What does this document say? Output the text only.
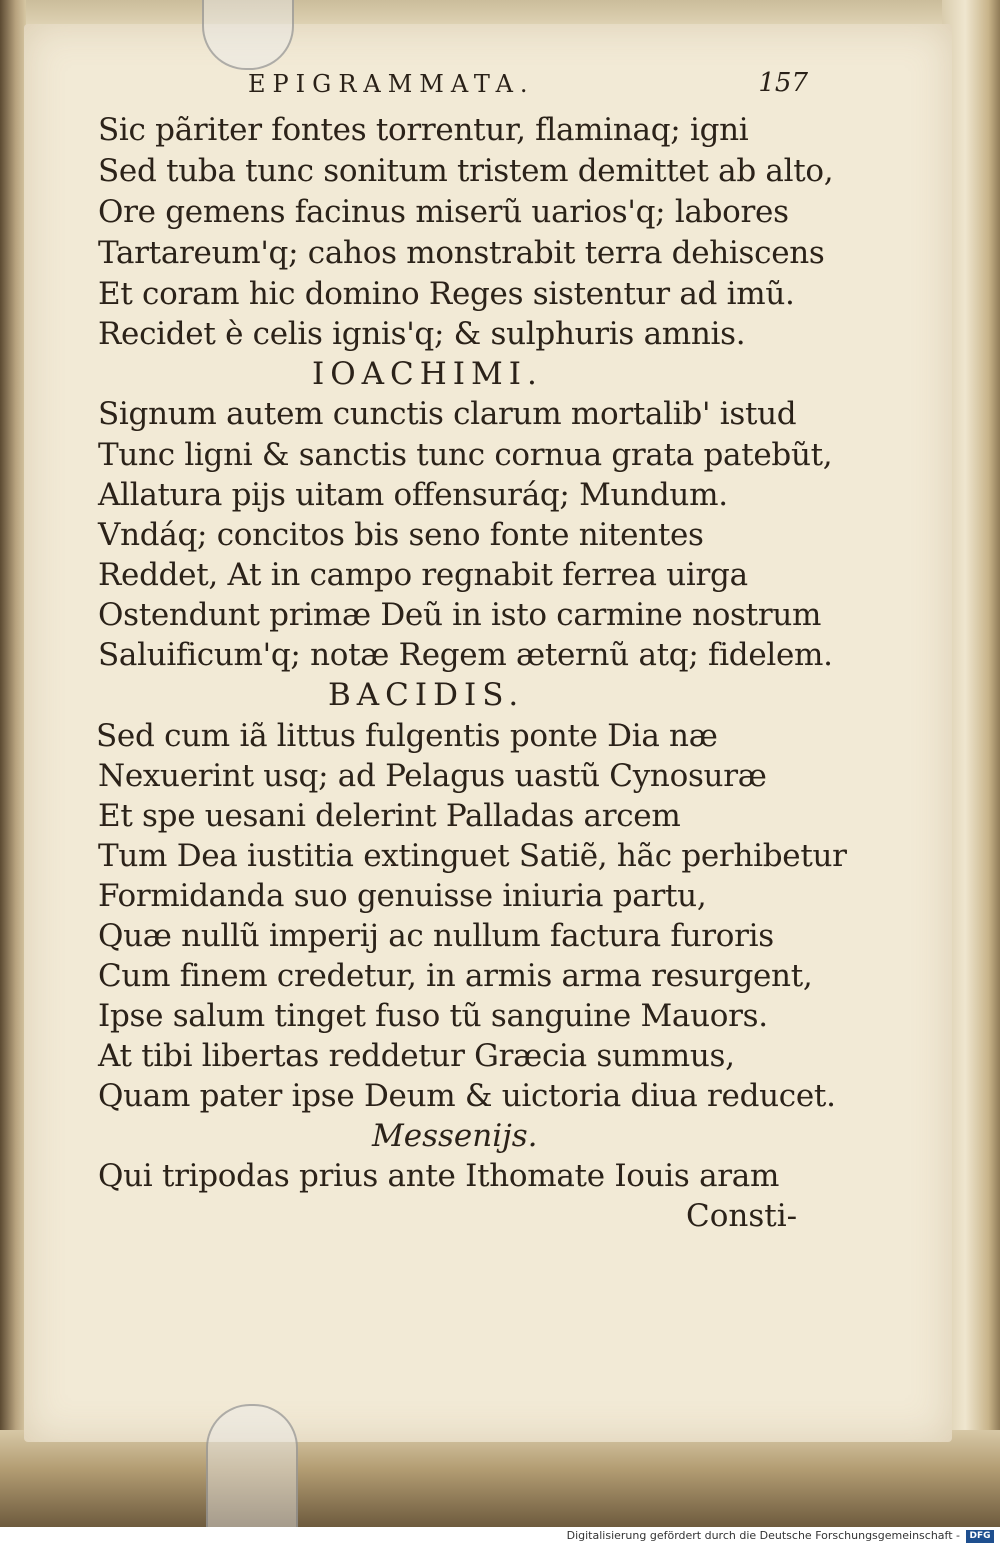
EPIGRAMMATA.	157
Sic pãriter fontes torrentur, flaminaq; igni
Sed tuba tunc sonitum tristem demittet ab alto,
Ore gemens facinus miserũ uarios'q; labores
Tartareum'q; cahos monstrabit terra dehiscens
Et coram hic domino Reges sistentur ad imũ.
Recidet è celis ignis'q; & sulphuris amnis.
IOACHIMI.
Signum autem cunctis clarum mortalib' istud
Tunc ligni & sanctis tunc cornua grata patebũt,
Allatura pijs uitam offensuráq; Mundum.
Vndáq; concitos bis seno fonte nitentes
Reddet, At in campo regnabit ferrea uirga
Ostendunt primæ Deũ in isto carmine nostrum
Saluificum'q; notæ Regem æternũ atq; fidelem.
BACIDIS.
Sed cum iã littus fulgentis ponte Dia næ
Nexuerint usq; ad Pelagus uastũ Cynosuræ
Et spe uesani delerint Palladas arcem
Tum Dea iustitia extinguet Satiẽ, hãc perhibetur
Formidanda suo genuisse iniuria partu,
Quæ nullũ imperij ac nullum factura furoris
Cum finem credetur, in armis arma resurgent,
Ipse salum tinget fuso tũ sanguine Mauors.
At tibi libertas reddetur Græcia summus,
Quam pater ipse Deum & uictoria diua reducet.
Messenijs.
Qui tripodas prius ante Ithomate Iouis aram
Consti-
Digitalisierung gefördert durch die Deutsche Forschungsgemeinschaft -	DFG
